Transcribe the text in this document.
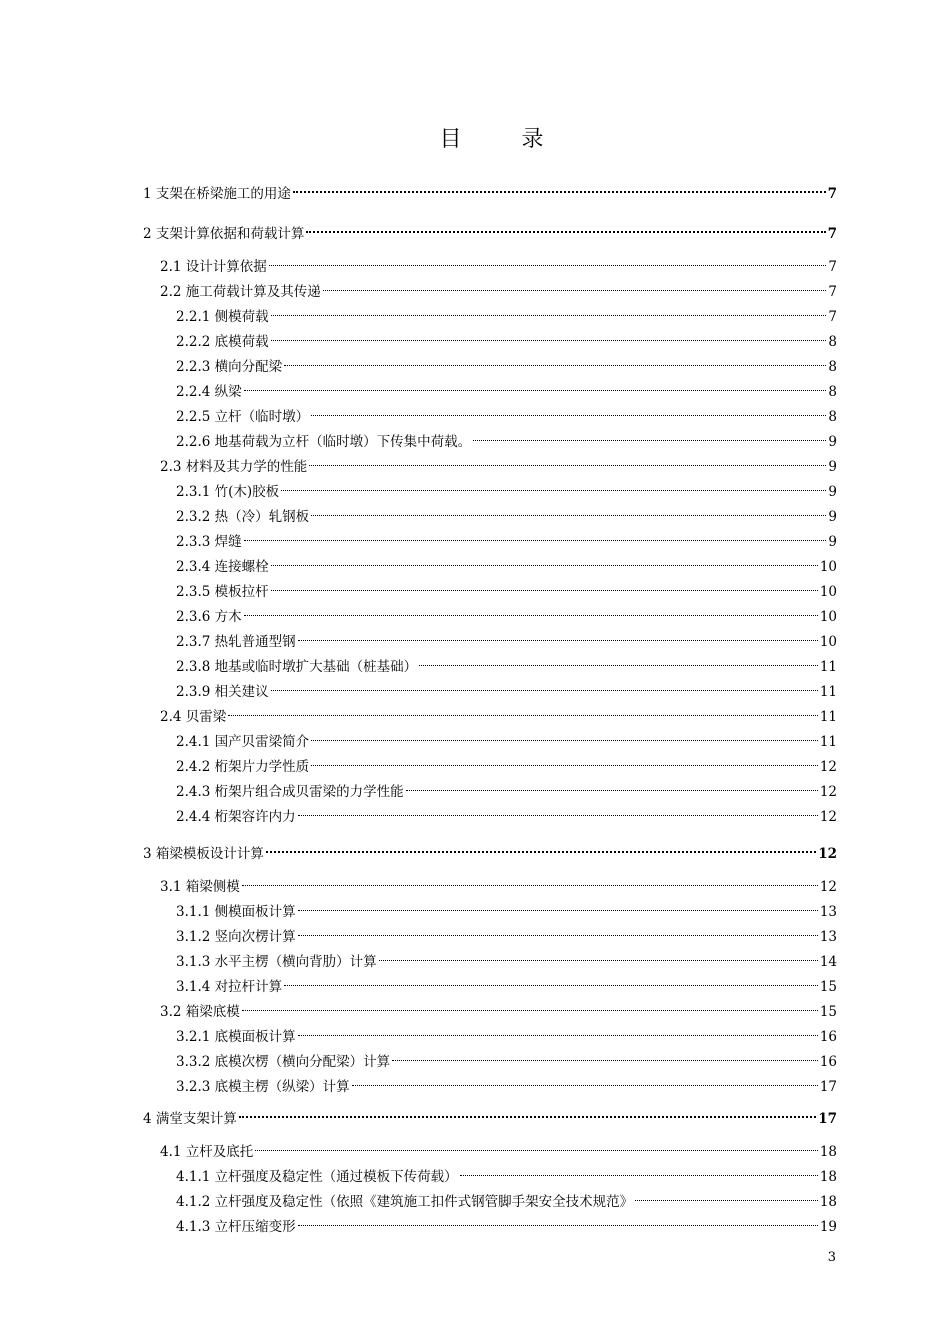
目	录
1 支架在桥梁施工的用途	7
2 支架计算依据和荷载计算	7
2.1 设计计算依据	7
2.2 施工荷载计算及其传递	7
2.2.1 侧模荷载	7
2.2.2 底模荷载	8
2.2.3 横向分配梁	8
2.2.4 纵梁	8
2.2.5 立杆（临时墩）	8
2.2.6 地基荷载为立杆（临时墩）下传集中荷载。	9
2.3 材料及其力学的性能	9
2.3.1 竹(木)胶板	9
2.3.2 热（冷）轧钢板	9
2.3.3 焊缝	9
2.3.4 连接螺栓	10
2.3.5 模板拉杆	10
2.3.6 方木	10
2.3.7 热轧普通型钢	10
2.3.8 地基或临时墩扩大基础（桩基础）	11
2.3.9 相关建议	11
2.4 贝雷梁	11
2.4.1 国产贝雷梁简介	11
2.4.2 桁架片力学性质	12
2.4.3 桁架片组合成贝雷梁的力学性能	12
2.4.4 桁架容许内力	12
3 箱梁模板设计计算	12
3.1 箱梁侧模	12
3.1.1 侧模面板计算	13
3.1.2 竖向次楞计算	13
3.1.3 水平主楞（横向背肋）计算	14
3.1.4 对拉杆计算	15
3.2 箱梁底模	15
3.2.1 底模面板计算	16
3.3.2 底模次楞（横向分配梁）计算	16
3.2.3 底模主楞（纵梁）计算	17
4 满堂支架计算	17
4.1 立杆及底托	18
4.1.1 立杆强度及稳定性（通过模板下传荷载）	18
4.1.2 立杆强度及稳定性（依照《建筑施工扣件式钢管脚手架安全技术规范》	18
4.1.3 立杆压缩变形	19
3
